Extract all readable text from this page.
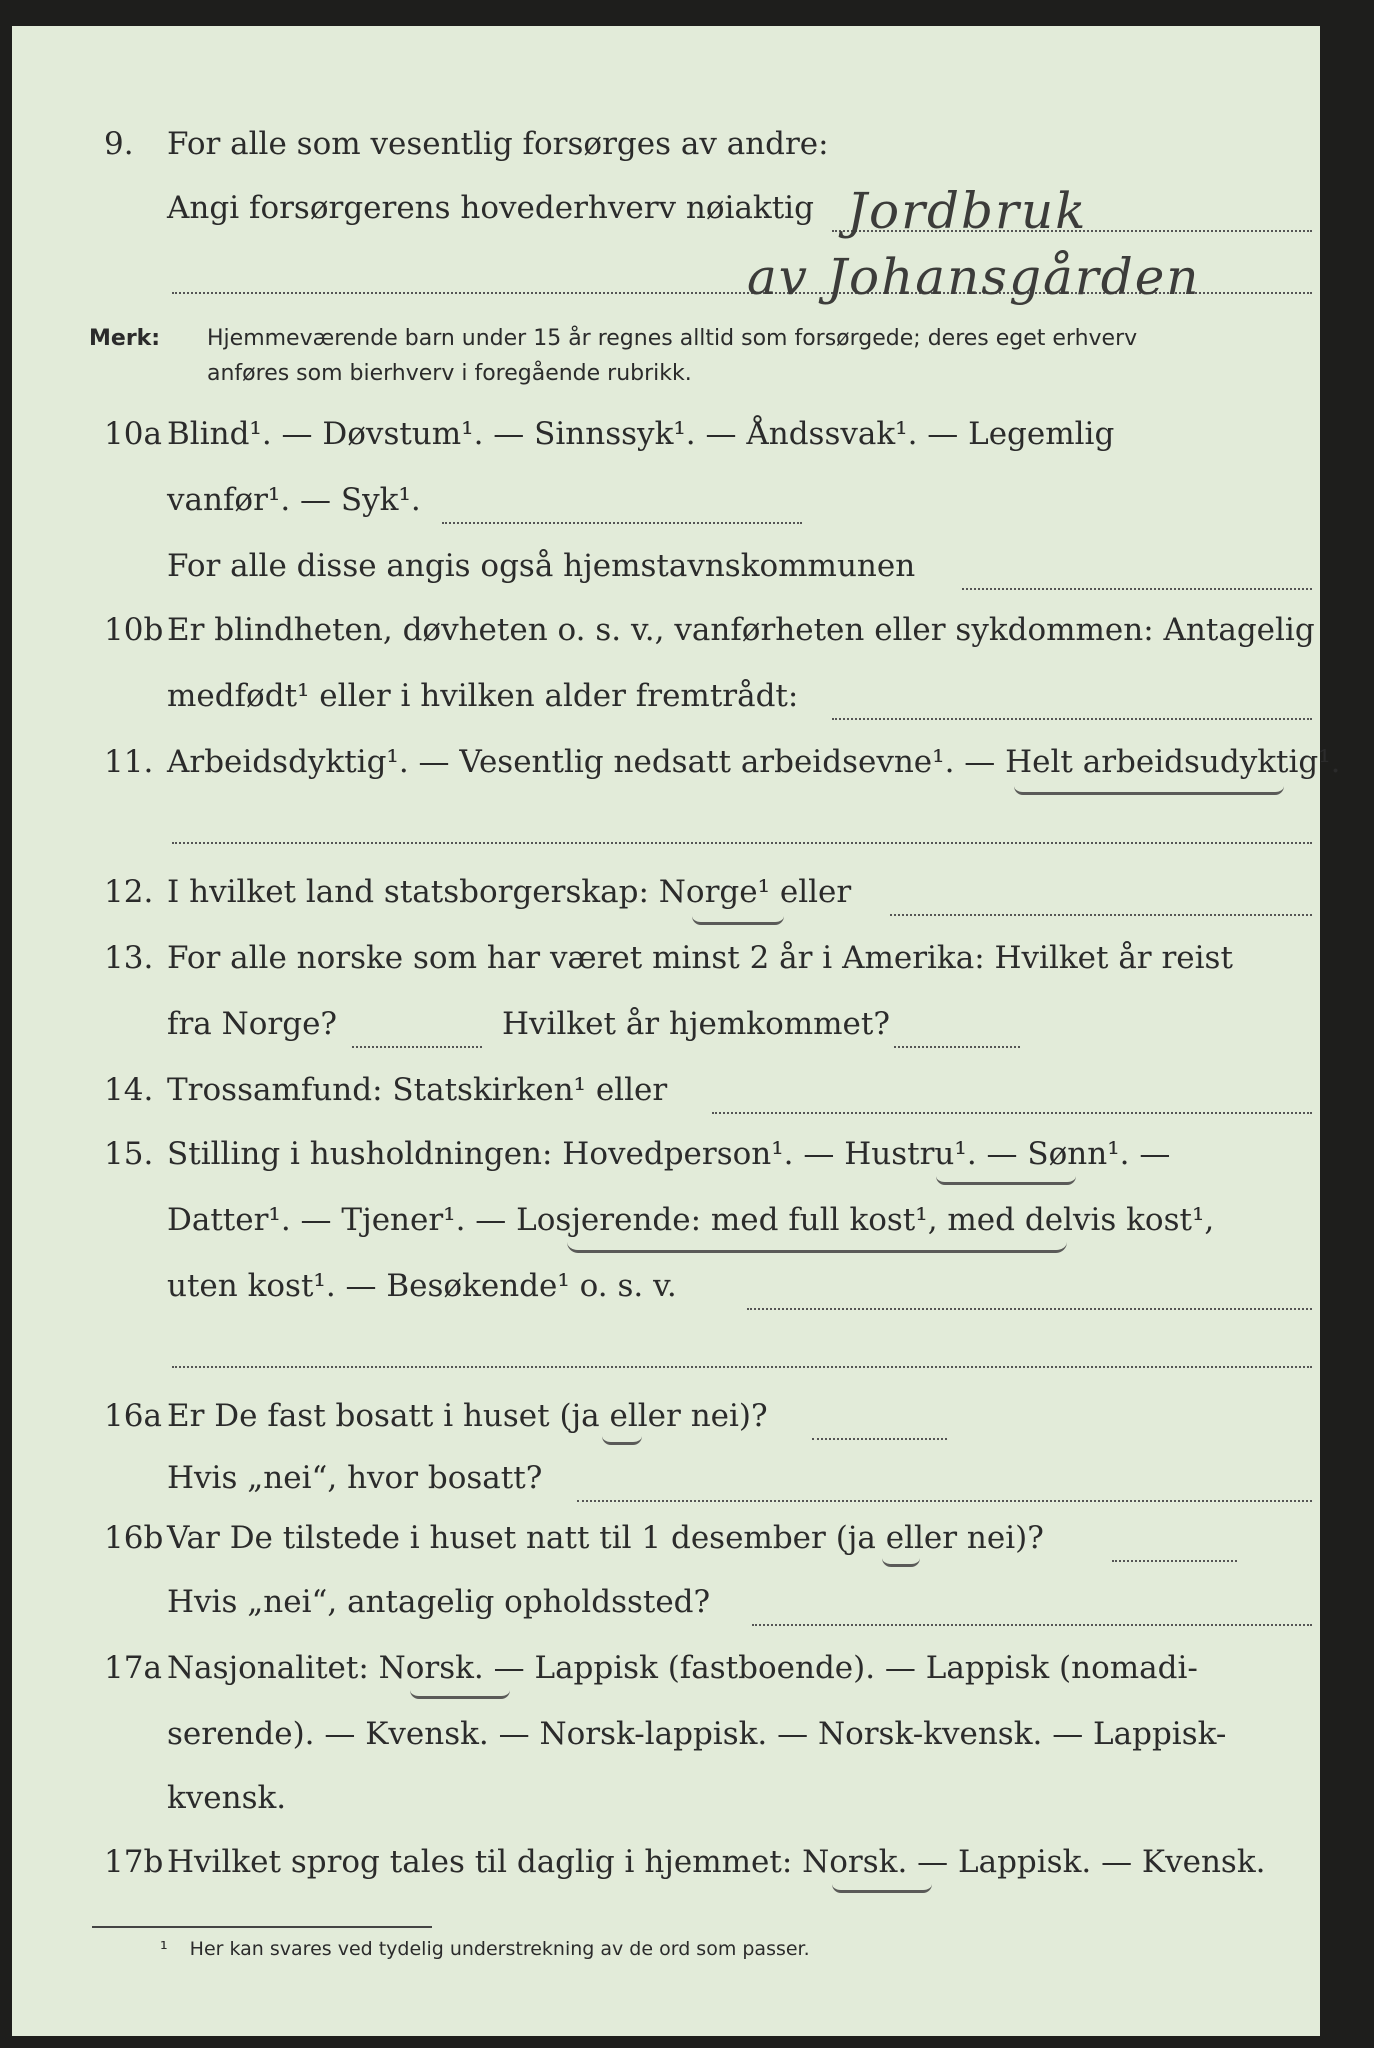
9. For alle som vesentlig forsørges av andre:
Angi forsørgerens hovederhverv nøiaktig Jordbruk
av Johansgården
Merk: Hjemmeværende barn under 15 år regnes alltid som forsørgede; deres eget erhverv
anføres som bierhverv i foregående rubrikk.
10a Blind¹. — Døvstum¹. — Sinnssyk¹. — Åndssvak¹. — Legemlig
vanfør¹. — Syk¹.
For alle disse angis også hjemstavnskommunen
10b Er blindheten, døvheten o. s. v., vanførheten eller sykdommen: Antagelig
medfødt¹ eller i hvilken alder fremtrådt:
11. Arbeidsdyktig¹. — Vesentlig nedsatt arbeidsevne¹. — Helt arbeidsudyktig¹.
12. I hvilket land statsborgerskap: Norge¹ eller
13. For alle norske som har været minst 2 år i Amerika: Hvilket år reist
fra Norge?	Hvilket år hjemkommet?
14. Trossamfund: Statskirken¹ eller
15. Stilling i husholdningen: Hovedperson¹. — Hustru¹. — Sønn¹. —
Datter¹. — Tjener¹. — Losjerende: med full kost¹, med delvis kost¹,
uten kost¹. — Besøkende¹ o. s. v.
16a Er De fast bosatt i huset (ja eller nei)?
Hvis „nei“, hvor bosatt?
16b Var De tilstede i huset natt til 1 desember (ja eller nei)?
Hvis „nei“, antagelig opholdssted?
17a Nasjonalitet: Norsk. — Lappisk (fastboende). — Lappisk (nomadi-
serende). — Kvensk. — Norsk-lappisk. — Norsk-kvensk. — Lappisk-
kvensk.
17b Hvilket sprog tales til daglig i hjemmet: Norsk. — Lappisk. — Kvensk.
¹ Her kan svares ved tydelig understrekning av de ord som passer.
